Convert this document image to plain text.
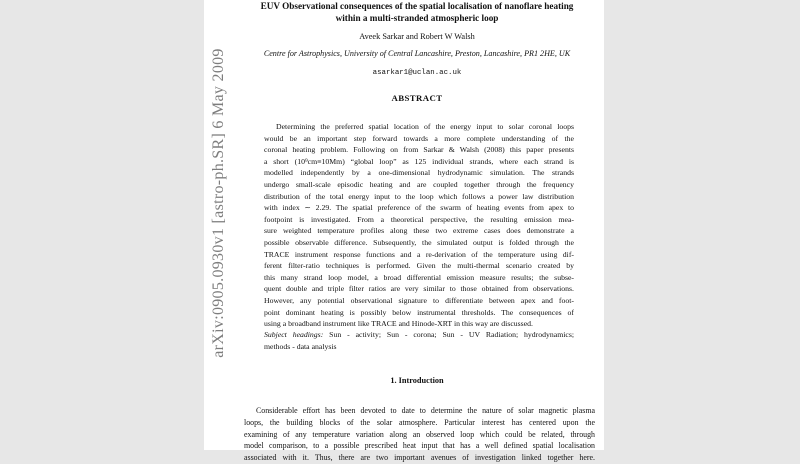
arXiv:0905.0930v1 [astro-ph.SR] 6 May 2009
EUV Observational consequences of the spatial localisation of nanoflare heating
within a multi-stranded atmospheric loop
Aveek Sarkar and Robert W Walsh
Centre for Astrophysics, University of Central Lancashire, Preston, Lancashire, PR1 2HE, UK
asarkar1@uclan.ac.uk
ABSTRACT
Determining the preferred spatial location of the energy input to solar coronal loops
would be an important step forward towards a more complete understanding of the
coronal heating problem. Following on from Sarkar & Walsh (2008) this paper presents
a short (10⁹cm≡10Mm) “global loop” as 125 individual strands, where each strand is
modelled independently by a one-dimensional hydrodynamic simulation. The strands
undergo small-scale episodic heating and are coupled together through the frequency
distribution of the total energy input to the loop which follows a power law distribution
with index ∼ 2.29. The spatial preference of the swarm of heating events from apex to
footpoint is investigated. From a theoretical perspective, the resulting emission mea-
sure weighted temperature profiles along these two extreme cases does demonstrate a
possible observable difference. Subsequently, the simulated output is folded through the
TRACE instrument response functions and a re-derivation of the temperature using dif-
ferent filter-ratio techniques is performed. Given the multi-thermal scenario created by
this many strand loop model, a broad differential emission measure results; the subse-
quent double and triple filter ratios are very similar to those obtained from observations.
However, any potential observational signature to differentiate between apex and foot-
point dominant heating is possibly below instrumental thresholds. The consequences of
using a broadband instrument like TRACE and Hinode-XRT in this way are discussed.
Subject headings: Sun - activity; Sun - corona; Sun - UV Radiation; hydrodynamics;
methods - data analysis
1. Introduction
Considerable effort has been devoted to date to determine the nature of solar magnetic plasma
loops, the building blocks of the solar atmosphere. Particular interest has centered upon the
examining of any temperature variation along an observed loop which could be related, through
model comparison, to a possible prescribed heat input that has a well defined spatial localisation
associated with it. Thus, there are two important avenues of investigation linked together here.
